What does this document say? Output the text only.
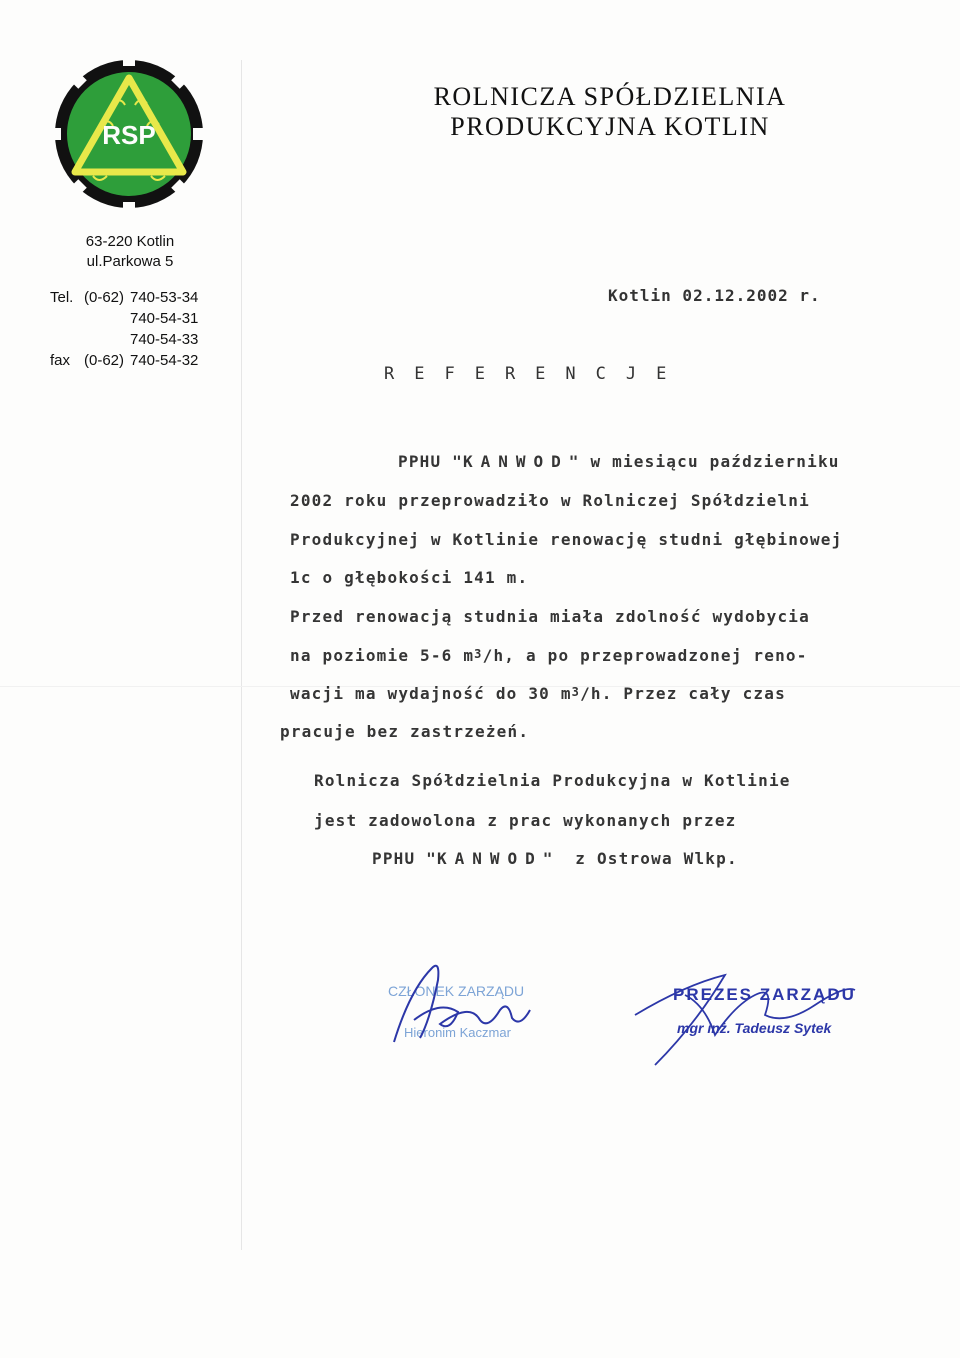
RSP
63-220 Kotlin
ul.Parkowa 5
Tel. (0-62) 740-53-34
740-54-31
740-54-33
fax (0-62) 740-54-32
ROLNICZA SPÓŁDZIELNIA
PRODUKCYJNA KOTLIN
Kotlin 02.12.2002 r.
REFERENCJE
PPHU "KANWOD" w miesiącu październiku
2002 roku przeprowadziło w Rolniczej Spółdzielni
Produkcyjnej w Kotlinie renowację studni głębinowej
1c o głębokości 141 m.
Przed renowacją studnia miała zdolność wydobycia
na poziomie 5-6 $m^3/h$, a po przeprowadzonej reno-
wacji ma wydajność do 30 $m^3/h$. Przez cały czas
pracuje bez zastrzeżeń.
Rolnicza Spółdzielnia Produkcyjna w Kotlinie
jest zadowolona z prac wykonanych przez
PPHU "KANWOD"  z Ostrowa Wlkp.
CZŁONEK ZARZĄDU
Hieronim Kaczmar
PREZES ZARZĄDU
mgr inż. Tadeusz Sytek
